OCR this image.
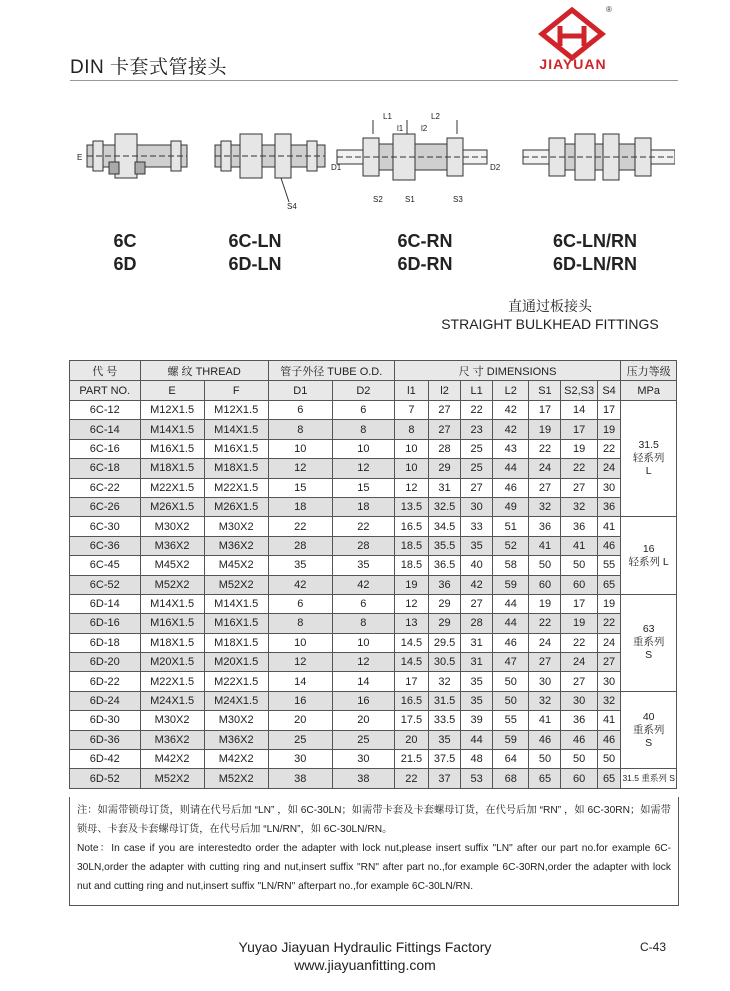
DIN 卡套式管接头
®
JIAYUAN
E
S4
L1	L2
l1 l2
D1	D2
S2	S1	S3
6C
6D
6C-LN
6D-LN
6C-RN
6D-RN
6C-LN/RN
6D-LN/RN
直通过板接头
STRAIGHT BULKHEAD FITTINGS
代 号	螺 纹 THREAD		管子外径 TUBE O.D.		尺 寸 DIMENSIONS							压力等级
PART NO.	E	F	D1	D2	l1	l2	L1	L2	S1	S2,S3	S4	MPa
6C-12	M12X1.5	M12X1.5	6	6	7	27	22	42	17	14	17	31.5
轻系列
L

6C-14	M14X1.5	M14X1.5	8	8	8	27	23	42	19	17	19	
6C-16	M16X1.5	M16X1.5	10	10	10	28	25	43	22	19	22	
6C-18	M18X1.5	M18X1.5	12	12	10	29	25	44	24	22	24	
6C-22	M22X1.5	M22X1.5	15	15	12	31	27	46	27	27	30	
6C-26	M26X1.5	M26X1.5	18	18	13.5	32.5	30	49	32	32	36	
6C-30	M30X2	M30X2	22	22	16.5	34.5	33	51	36	36	41	16
轻系列 L

6C-36	M36X2	M36X2	28	28	18.5	35.5	35	52	41	41	46	
6C-45	M45X2	M45X2	35	35	18.5	36.5	40	58	50	50	55	
6C-52	M52X2	M52X2	42	42	19	36	42	59	60	60	65	
6D-14	M14X1.5	M14X1.5	6	6	12	29	27	44	19	17	19	63
重系列
S

6D-16	M16X1.5	M16X1.5	8	8	13	29	28	44	22	19	22	
6D-18	M18X1.5	M18X1.5	10	10	14.5	29.5	31	46	24	22	24	
6D-20	M20X1.5	M20X1.5	12	12	14.5	30.5	31	47	27	24	27	
6D-22	M22X1.5	M22X1.5	14	14	17	32	35	50	30	27	30	
6D-24	M24X1.5	M24X1.5	16	16	16.5	31.5	35	50	32	30	32	40
重系列
S

6D-30	M30X2	M30X2	20	20	17.5	33.5	39	55	41	36	41	
6D-36	M36X2	M36X2	25	25	20	35	44	59	46	46	46	
6D-42	M42X2	M42X2	30	30	21.5	37.5	48	64	50	50	50	
6D-52	M52X2	M52X2	38	38	22	37	53	68	65	60	65	31.5 重系列 S

注：如需带锁母订货，则请在代号后加 “LN” ，如 6C-30LN；如需带卡套及卡套螺母订货，在代号后加 “RN” ，如 6C-30RN；如需带锁母、卡套及卡套螺母订货，在代号后加 “LN/RN”，如 6C-30LN/RN。

Note：In case if you are interestedto order the adapter with lock nut,please insert suffix "LN" after our part no.for example 6C-30LN,order the adapter with cutting ring and nut,insert suffix "RN" after part no.,for example 6C-30RN,order the adapter with lock nut and cutting ring and nut,insert suffix "LN/RN" afterpart no.,for example 6C-30LN/RN.

Yuyao Jiayuan Hydraulic Fittings Factory
www.jiayuanfitting.com
C-43
